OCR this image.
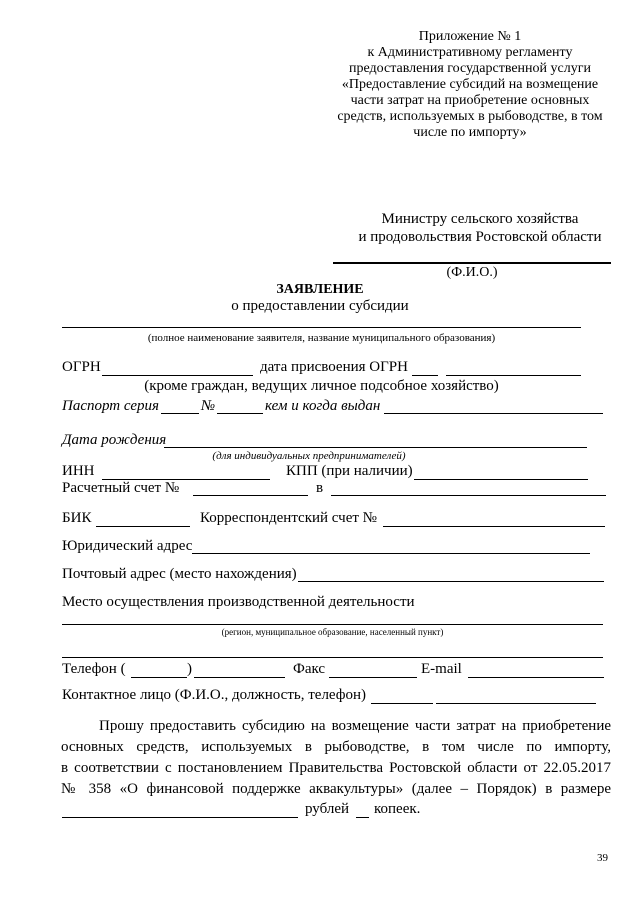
Приложение № 1
к Административному регламенту
предоставления государственной услуги
«Предоставление субсидий на возмещение
части затрат на приобретение основных
средств, используемых в рыбоводстве, в том
числе по импорту»
Министру сельского хозяйства
и продовольствия Ростовской области
(Ф.И.О.)
ЗАЯВЛЕНИЕ
о предоставлении субсидии
(полное наименование заявителя, название муниципального образования)
ОГРН	дата присвоения ОГРН
(кроме граждан, ведущих личное подсобное хозяйство)
Паспорт серия	№	кем и когда выдан
Дата рождения
(для индивидуальных предпринимателей)
ИНН	КПП (при наличии)
Расчетный счет №	в
БИК	Корреспондентский счет №
Юридический адрес
Почтовый адрес (место нахождения)
Место осуществления производственной деятельности
(регион, муниципальное образование, населенный пункт)
Телефон (	)	Факс	E-mail
Контактное лицо (Ф.И.О., должность, телефон)
Прошу предоставить субсидию на возмещение части затрат на приобретение
основных средств, используемых в рыбоводстве, в том числе по импорту,
в соответствии с постановлением Правительства Ростовской области от 22.05.2017
№ 358 «О финансовой поддержке аквакультуры» (далее – Порядок) в размере
рублей копеек.
39
